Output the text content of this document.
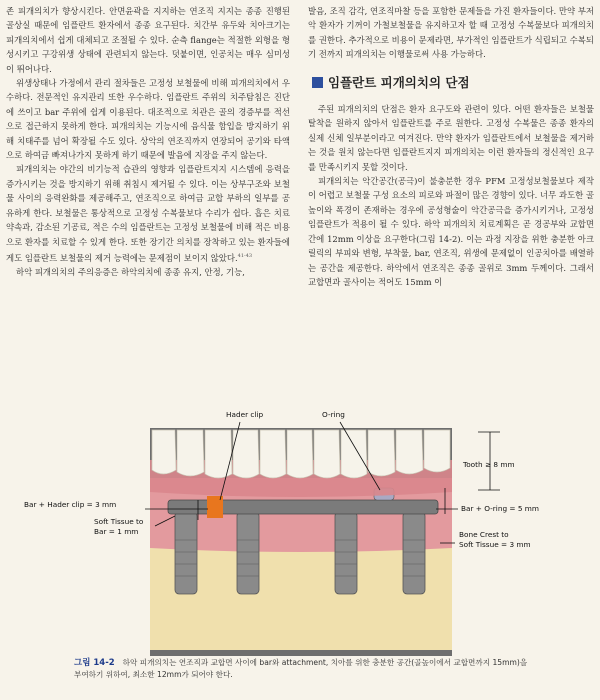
존 피개의치가 향상시킨다. 안면윤곽을 지지하는 연조직 지지는 종종 진행된 골상실 때문에 임플란트 환자에서 종종 요구된다. 치간부 유두와 치아크기는 피개의치에서 쉽게 대체되고 조절될 수 있다. 순측 flange는 적절한 외형을 형성시키고 구강위생 상태에 관련되지 않는다. 덧붙이면, 인공치는 매우 심미성이 뛰어나다.

위생상태나 가정에서 관리 절차들은 고정성 보철물에 비해 피개의치에서 우수하다. 전문적인 유지관리 또한 우수하다. 임플란트 주위의 치주탐침은 진단에 쓰이고 bar 주위에 쉽게 이용된다. 대조적으로 치관은 골의 경증부를 적선으로 접근하지 못하게 한다. 피개의치는 기능시에 음식물 함입을 방지하기 위해 치태주를 넘어 확장될 수도 있다. 상악의 연조직까지 연장되어 공기와 타액으로 하여금 빠져나가지 못하게 하기 때문에 발음에 지장을 주지 않는다.

피개의치는 야간의 비기능적 습관의 영향과 임플란트지지 시스템에 응력을 증가시키는 것을 방지하기 위해 취침시 제거될 수 있다. 이는 상부구조와 보철물 사이의 응력완화를 제공해주고, 연조직으로 하여금 교합 부하의 일부를 공유하게 한다. 보철물은 통상적으로 고정성 수복물보다 수리가 쉽다. 흡은 치료약속과, 감소된 기공료, 적은 수의 임플란트는 고정성 보철물에 비해 적은 비용으로 환자를 치료할 수 있게 한다. 또한 장기간 의치를 장착하고 있는 환자들에게도 임플란트 보철물의 제거 능력에는 문제점이 보이지 않았다.$^{41-43}$

하악 피개의치의 주의응증은 하악의치에 종종 유지, 안정, 기능,

발음, 조직 감각, 연조직마찰 등을 포함한 문제들을 가진 환자들이다. 만약 부저악 환자가 기꺼이 가철보철물을 유지하고자 할 때 고정성 수복물보다 피개의치를 권한다. 추가적으로 비용이 문제라면, 부가적인 임플란트가 식립되고 수복되기 전까지 피개의치는 이행물로써 사용 가능하다.

임플란트 피개의치의 단점

주된 피개의치의 단점은 환자 요구도와 관련이 있다. 어떤 환자들은 보철물 탈착을 원하지 않아서 임플란트를 주로 원한다. 고정성 수복물은 종종 환자의 실제 신체 일부분이라고 여겨진다. 만약 환자가 임플란트에서 보철물을 제거하는 것을 원치 않는다면 임플란트지지 피개의치는 이런 환자들의 정신적인 요구를 만족시키지 못할 것이다.

피개의치는 악간공간(공극)이 불충분한 경우 PFM 고정성보철물보다 제작이 어렵고 보철물 구성 요소의 피로와 파절이 많은 경향이 있다. 너무 과도한 골높이와 폭경이 존재하는 경우에 공성형술이 악간공극을 증가시키거나, 고정성 임플란트가 적용이 될 수 있다. 하악 피개의치 치료계획은 곧 경공부와 교합면 간에 12mm 이상을 요구한다(그림 14-2). 이는 과정 지장을 위한 충분한 아크릴릭의 부피와 변형, 부착물, bar, 연조직, 위생에 문제없이 인공치아를 배열하는 공간을 제공한다. 하악에서 연조직은 종종 골위로 3mm 두께이다. 그래서 교합면과 골사이는 적어도 15mm 이

Hader clip	O-ring
Tooth ≥ 8 mm
Bar + Hader clip = 3 mm	Bar + O-ring = 5 mm
Soft Tissue to
Bar = 1 mm	Bone Crest to
Soft Tissue = 3 mm
그림 14-2 하악 피개의치는 연조직과 교합면 사이에 bar와 attachment, 치아를 위한 충분한 공간(골높이에서 교합면까지 15mm)을 부여하기 위하여, 최소한 12mm가 되어야 한다.
